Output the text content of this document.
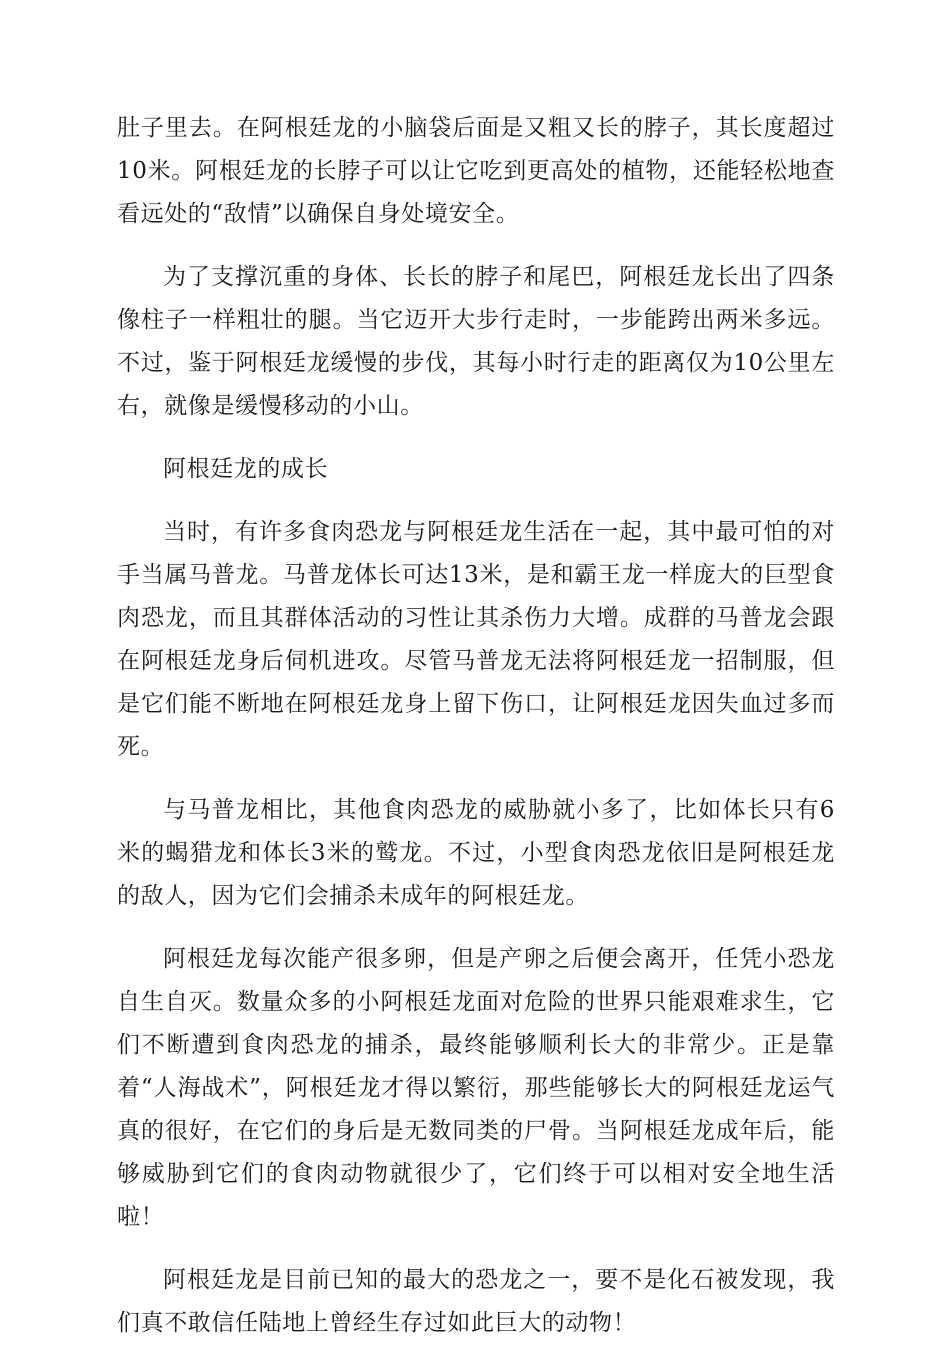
肚子里去。在阿根廷龙的小脑袋后面是又粗又长的脖子，其长度超过10米。阿根廷龙的长脖子可以让它吃到更高处的植物，还能轻松地查看远处的“敌情”以确保自身处境安全。

为了支撑沉重的身体、长长的脖子和尾巴，阿根廷龙长出了四条像柱子一样粗壮的腿。当它迈开大步行走时，一步能跨出两米多远。不过，鉴于阿根廷龙缓慢的步伐，其每小时行走的距离仅为10公里左右，就像是缓慢移动的小山。

阿根廷龙的成长

当时，有许多食肉恐龙与阿根廷龙生活在一起，其中最可怕的对手当属马普龙。马普龙体长可达13米，是和霸王龙一样庞大的巨型食肉恐龙，而且其群体活动的习性让其杀伤力大增。成群的马普龙会跟在阿根廷龙身后伺机进攻。尽管马普龙无法将阿根廷龙一招制服，但是它们能不断地在阿根廷龙身上留下伤口，让阿根廷龙因失血过多而死。

与马普龙相比，其他食肉恐龙的威胁就小多了，比如体长只有6米的蝎猎龙和体长3米的鹫龙。不过，小型食肉恐龙依旧是阿根廷龙的敌人，因为它们会捕杀未成年的阿根廷龙。

阿根廷龙每次能产很多卵，但是产卵之后便会离开，任凭小恐龙自生自灭。数量众多的小阿根廷龙面对危险的世界只能艰难求生，它们不断遭到食肉恐龙的捕杀，最终能够顺利长大的非常少。正是靠着“人海战术”，阿根廷龙才得以繁衍，那些能够长大的阿根廷龙运气真的很好，在它们的身后是无数同类的尸骨。当阿根廷龙成年后，能够威胁到它们的食肉动物就很少了，它们终于可以相对安全地生活啦！

阿根廷龙是目前已知的最大的恐龙之一，要不是化石被发现，我们真不敢信任陆地上曾经生存过如此巨大的动物！
